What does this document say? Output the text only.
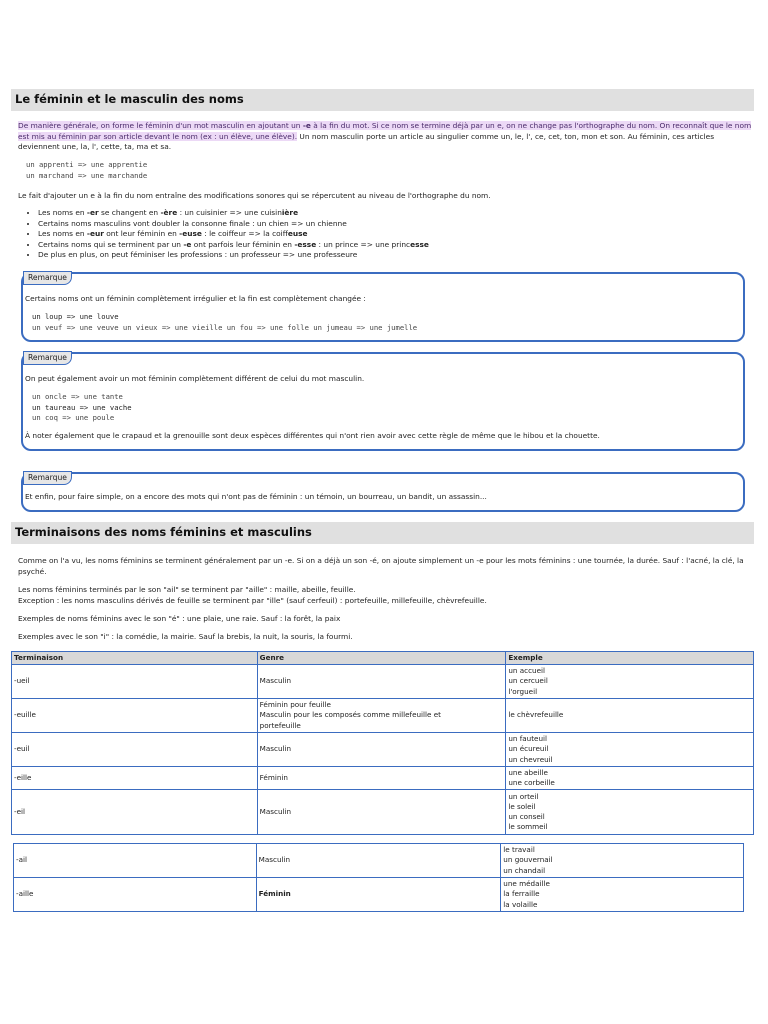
Le féminin et le masculin des noms

De manière générale, on forme le féminin d'un mot masculin en ajoutant un -e à la fin du mot. Si ce nom se termine déjà par un e, on ne change pas l'orthographe du nom. On reconnaît que le nom est mis au féminin par son article devant le nom (ex : un élève, une élève). Un nom masculin porte un article au singulier comme un, le, l', ce, cet, ton, mon et son. Au féminin, ces articles deviennent une, la, l', cette, ta, ma et sa.

un apprenti => une apprentie
un marchand => une marchande

Le fait d'ajouter un e à la fin du nom entraîne des modifications sonores qui se répercutent au niveau de l'orthographe du nom.

• Les noms en -er se changent en -ère : un cuisinier => une cuisinière
• Certains noms masculins vont doubler la consonne finale : un chien => un chienne
• Les noms en -eur ont leur féminin en -euse : le coiffeur => la coiffeuse
• Certains noms qui se terminent par un -e ont parfois leur féminin en -esse : un prince => une princesse
• De plus en plus, on peut féminiser les professions : un professeur => une professeure
Remarque
Certains noms ont un féminin complètement irrégulier et la fin est complètement changée :
un loup => une louve
un veuf => une veuve un vieux => une vieille un fou => une folle un jumeau => une jumelle
Remarque
On peut également avoir un mot féminin complètement différent de celui du mot masculin.
un oncle => une tante
un taureau => une vache
un coq => une poule
À noter également que le crapaud et la grenouille sont deux espèces différentes qui n'ont rien avoir avec cette règle de même que le hibou et la chouette.
Remarque
Et enfin, pour faire simple, on a encore des mots qui n'ont pas de féminin : un témoin, un bourreau, un bandit, un assassin...
Terminaisons des noms féminins et masculins

Comme on l'a vu, les noms féminins se terminent généralement par un -e. Si on a déjà un son -é, on ajoute simplement un -e pour les mots féminins : une tournée, la durée. Sauf : l'acné, la clé, la psyché.

Les noms féminins terminés par le son "ail" se terminent par "aille" : maille, abeille, feuille.

Exception : les noms masculins dérivés de feuille se terminent par "ille" (sauf cerfeuil) : portefeuille, millefeuille, chèvrefeuille.

Exemples de noms féminins avec le son "é" : une plaie, une raie. Sauf : la forêt, la paix

Exemples avec le son "i" : la comédie, la mairie. Sauf la brebis, la nuit, la souris, la fourmi.

Terminaison	Genre	Exemple
-ueil	Masculin	un accueil
un cercueil
l'orgueil

-euille	Féminin pour feuille
Masculin pour les composés comme millefeuille et
portefeuille	le chèvrefeuille
-euil	Masculin	un fauteuil
un écureuil
un chevreuil

-eille	Féminin	une abeille
une corbeille

-eil	Masculin	un orteil
le soleil
un conseil
le sommeil
-ail	Masculin	le travail
un gouvernail
un chandail

-aille	Féminin	une médaille
la ferraille
la volaille
